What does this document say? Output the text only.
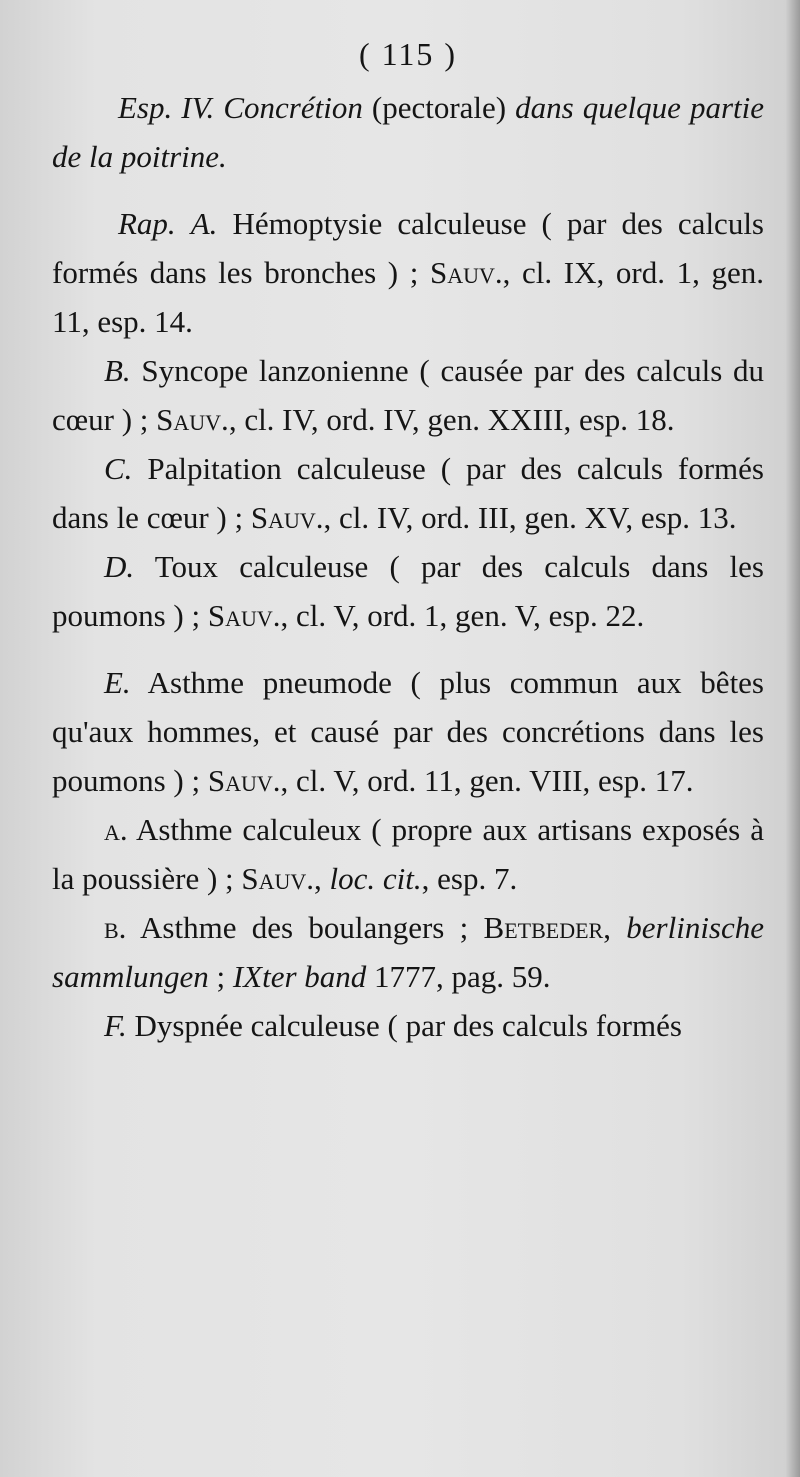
( 115 )

Esp. IV. Concrétion (pectorale) dans quelque partie de la poitrine.

Rap. A. Hémoptysie calculeuse ( par des calculs formés dans les bronches ) ; Sauv., cl. IX, ord. 1, gen. 11, esp. 14.

B. Syncope lanzonienne ( causée par des calculs du cœur ) ; Sauv., cl. IV, ord. IV, gen. XXIII, esp. 18.

C. Palpitation calculeuse ( par des calculs formés dans le cœur ) ; Sauv., cl. IV, ord. III, gen. XV, esp. 13.

D. Toux calculeuse ( par des calculs dans les poumons ) ; Sauv., cl. V, ord. 1, gen. V, esp. 22.

E. Asthme pneumode ( plus commun aux bêtes qu'aux hommes, et causé par des concrétions dans les poumons ) ; Sauv., cl. V, ord. 11, gen. VIII, esp. 17.

a. Asthme calculeux ( propre aux artisans exposés à la poussière ) ; Sauv., loc. cit., esp. 7.

b. Asthme des boulangers ; Betbeder, berlinische sammlungen ; IXter band 1777, pag. 59.

F. Dyspnée calculeuse ( par des calculs formés
